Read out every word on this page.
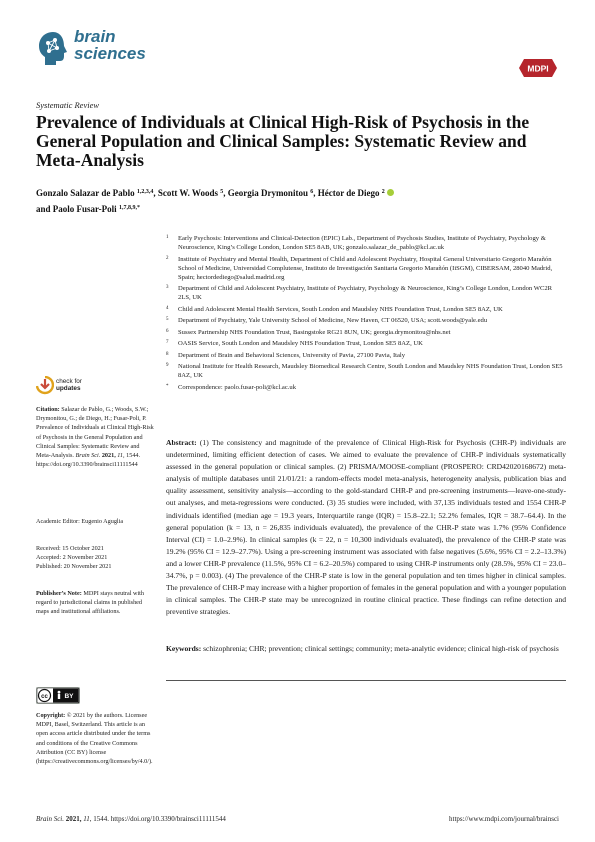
brain
sciences
MDPI
Systematic Review
Prevalence of Individuals at Clinical High-Risk of Psychosis in the General Population and Clinical Samples: Systematic Review and Meta-Analysis
Gonzalo Salazar de Pablo $^{1,2,3,4}$, Scott W. Woods $^5$, Georgia Drymonitou $^6$, Héctor de Diego $^2$
and Paolo Fusar-Poli $^{1,7,8,9,*}$
1 Early Psychosis: Interventions and Clinical-Detection (EPIC) Lab., Department of Psychosis Studies, Institute of Psychiatry, Psychology & Neuroscience, King’s College London, London SE5 8AB, UK; gonzalo.salazar_de_pablo@kcl.ac.uk
2 Institute of Psychiatry and Mental Health, Department of Child and Adolescent Psychiatry, Hospital General Universitario Gregorio Marañón School of Medicine, Universidad Complutense, Instituto de Investigación Sanitaria Gregorio Marañón (IiSGM), CIBERSAM, 28040 Madrid, Spain; hectordediego@salud.madrid.org
3 Department of Child and Adolescent Psychiatry, Institute of Psychiatry, Psychology & Neuroscience, King’s College London, London WC2R 2LS, UK
4 Child and Adolescent Mental Health Services, South London and Maudsley NHS Foundation Trust, London SE5 8AZ, UK
5 Department of Psychiatry, Yale University School of Medicine, New Haven, CT 06520, USA; scott.woods@yale.edu
6 Sussex Partnership NHS Foundation Trust, Basingstoke RG21 8UN, UK; georgia.drymonitou@nhs.net
7 OASIS Service, South London and Maudsley NHS Foundation Trust, London SE5 8AZ, UK
8 Department of Brain and Behavioral Sciences, University of Pavia, 27100 Pavia, Italy
9 National Institute for Health Research, Maudsley Biomedical Research Centre, South London and Maudsley NHS Foundation Trust, London SE5 8AZ, UK
* Correspondence: paolo.fusar-poli@kcl.ac.uk
check for
updates
Citation: Salazar de Pablo, G.; Woods, S.W.; Drymonitou, G.; de Diego, H.; Fusar-Poli, P. Prevalence of Individuals at Clinical High-Risk of Psychosis in the General Population and Clinical Samples: Systematic Review and Meta-Analysis. Brain Sci. 2021, 11, 1544. https://doi.org/10.3390/brainsci11111544
Academic Editor: Eugenio Aguglia
Received: 15 October 2021
Accepted: 2 November 2021
Published: 20 November 2021
Publisher’s Note: MDPI stays neutral with regard to jurisdictional claims in published maps and institutional affiliations.
cc	BY
Copyright: © 2021 by the authors. Licensee MDPI, Basel, Switzerland. This article is an open access article distributed under the terms and conditions of the Creative Commons Attribution (CC BY) license (https://creativecommons.org/licenses/by/4.0/).
Abstract: (1) The consistency and magnitude of the prevalence of Clinical High-Risk for Psychosis (CHR-P) individuals are undetermined, limiting efficient detection of cases. We aimed to evaluate the prevalence of CHR-P individuals systematically assessed in the general population or clinical samples. (2) PRISMA/MOOSE-compliant (PROSPERO: CRD42020168672) meta-analysis of multiple databases until 21/01/21: a random-effects model meta-analysis, heterogeneity analysis, publication bias and quality assessment, sensitivity analysis—according to the gold-standard CHR-P and pre-screening instruments—leave-one-study-out analyses, and meta-regressions were conducted. (3) 35 studies were included, with 37,135 individuals tested and 1554 CHR-P individuals identified (median age = 19.3 years, Interquartile range (IQR) = 15.8–22.1; 52.2% females, IQR = 38.7–64.4). In the general population (k = 13, n = 26,835 individuals evaluated), the prevalence of the CHR-P state was 1.7% (95% Confidence Interval (CI) = 1.0–2.9%). In clinical samples (k = 22, n = 10,300 individuals evaluated), the prevalence of the CHR-P state was 19.2% (95% CI = 12.9–27.7%). Using a pre-screening instrument was associated with false negatives (5.6%, 95% CI = 2.2–13.3%) and a lower CHR-P prevalence (11.5%, 95% CI = 6.2–20.5%) compared to using CHR-P instruments only (28.5%, 95% CI = 23.0–34.7%, p = 0.003). (4) The prevalence of the CHR-P state is low in the general population and ten times higher in clinical samples. The prevalence of CHR-P may increase with a higher proportion of females in the general population and with a younger population in clinical samples. The CHR-P state may be unrecognized in routine clinical practice. These findings can refine detection and preventive strategies.
Keywords: schizophrenia; CHR; prevention; clinical settings; community; meta-analytic evidence; clinical high-risk of psychosis
Brain Sci. 2021, 11, 1544. https://doi.org/10.3390/brainsci11111544	https://www.mdpi.com/journal/brainsci
